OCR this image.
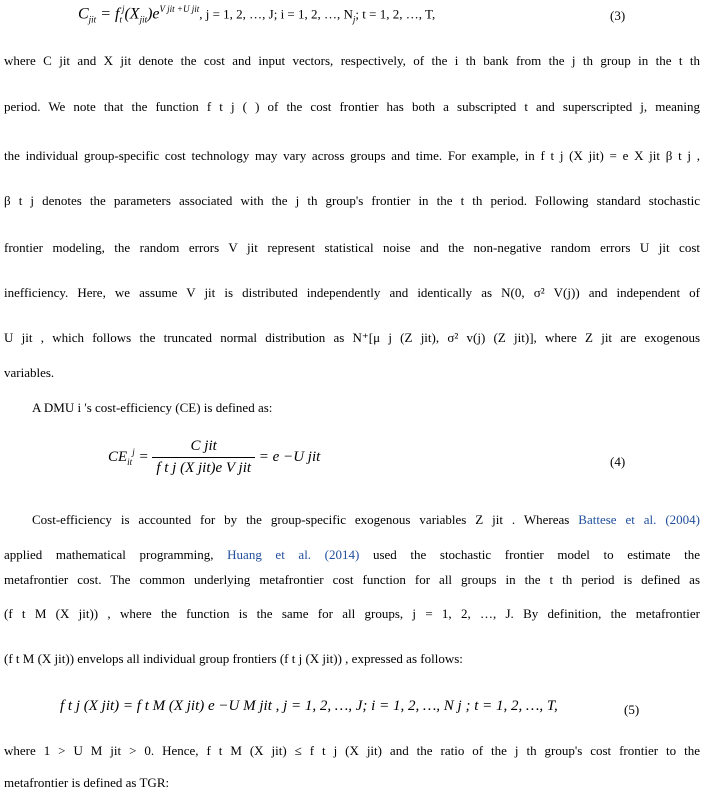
$C_{jit} = f_t^j(X_{jit})e^{V jit +U jit}$, j = 1, 2, …, J; i = 1, 2, …, $N_j$; t = 1, 2, …, T,	(3)
where C jit and X jit denote the cost and input vectors, respectively, of the i th bank from the j th group in the t th
period. We note that the function f t j ( ) of the cost frontier has both a subscripted t and superscripted j, meaning
the individual group-specific cost technology may vary across groups and time. For example, in f t j (X jit) = e X jit β t j ,
β t j denotes the parameters associated with the j th group's frontier in the t th period. Following standard stochastic
frontier modeling, the random errors V jit represent statistical noise and the non-negative random errors U jit cost
inefficiency. Here, we assume V jit is distributed independently and identically as N(0, σ² V(j)) and independent of
U jit , which follows the truncated normal distribution as N⁺[μ j (Z jit), σ² v(j) (Z jit)], where Z jit are exogenous
variables.
A DMU i 's cost-efficiency (CE) is defined as:
$CE_{it}^j = \frac{\text{C jit}}{\text{f t j (X jit)e V jit}} = e -U$ jit	(4)
Cost-efficiency is accounted for by the group-specific exogenous variables Z jit . Whereas Battese et al. (2004)
applied mathematical programming, Huang et al. (2014) used the stochastic frontier model to estimate the
metafrontier cost. The common underlying metafrontier cost function for all groups in the t th period is defined as
(f t M (X jit)) , where the function is the same for all groups, j = 1, 2, …, J. By definition, the metafrontier
(f t M (X jit)) envelops all individual group frontiers (f t j (X jit)) , expressed as follows:
f t j (X jit) = f t M (X jit) e −U M jit , j = 1, 2, …, J; i = 1, 2, …, N j ; t = 1, 2, …, T,	(5)
where 1 > U M jit > 0. Hence, f t M (X jit) ≤ f t j (X jit) and the ratio of the j th group's cost frontier to the
metafrontier is defined as TGR:
